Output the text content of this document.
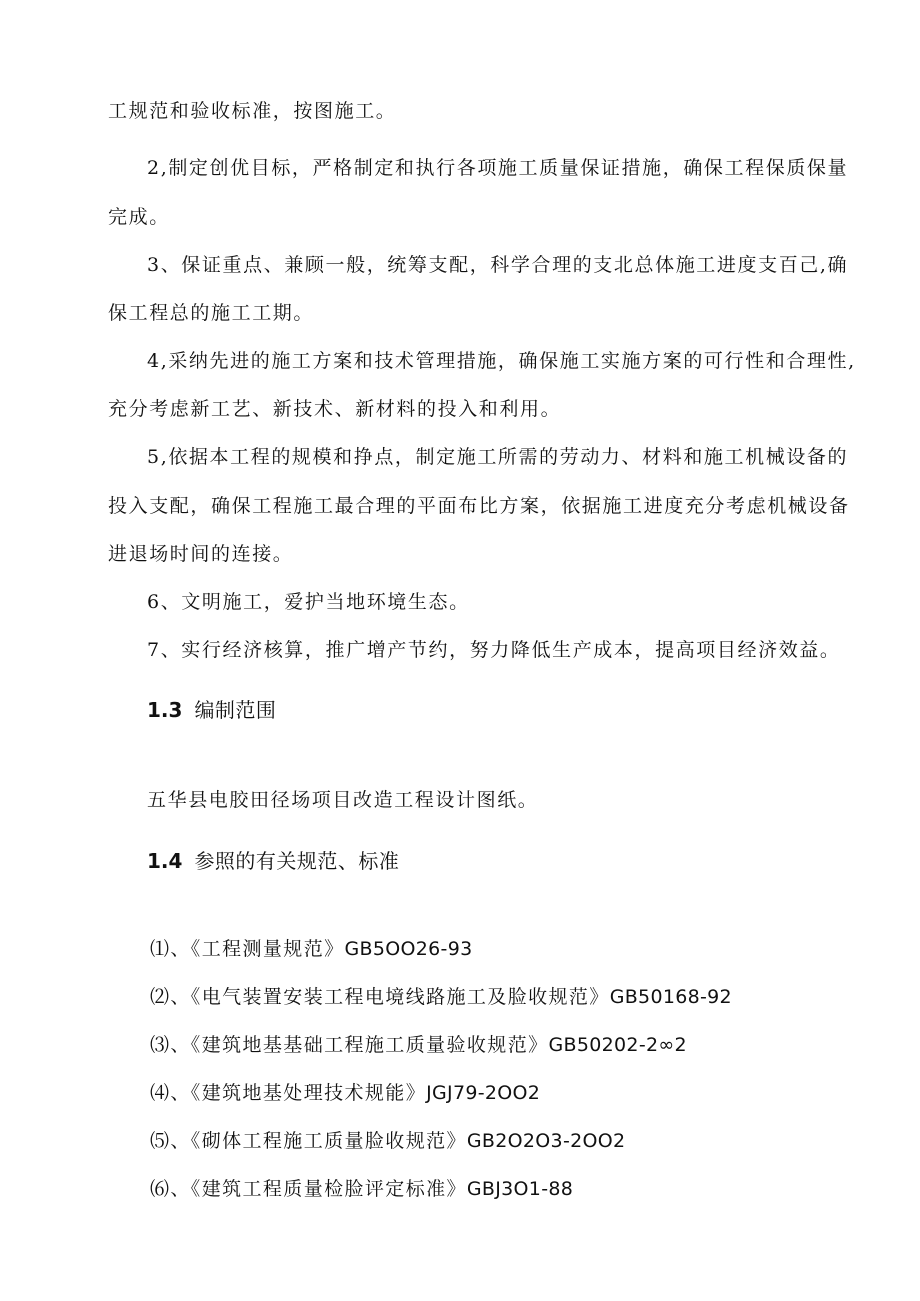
工规范和验收标准，按图施工。
2,制定创优目标，严格制定和执行各项施工质量保证措施，确保工程保质保量
完成。
3、保证重点、兼顾一般，统筹支配，科学合理的支北总体施工进度支百己,确
保工程总的施工工期。
4,采纳先进的施工方案和技术管理措施，确保施工实施方案的可行性和合理性,
充分考虑新工艺、新技术、新材料的投入和利用。
5,依据本工程的规模和挣点，制定施工所需的劳动力、材料和施工机械设备的
投入支配，确保工程施工最合理的平面布比方案，依据施工进度充分考虑机械设备
进退场时间的连接。
6、文明施工，爱护当地环境生态。
7、实行经济核算，推广增产节约，努力降低生产成本，提高项目经济效益。
1.3 编制范围
五华县电胶田径场项目改造工程设计图纸。
1.4 参照的有关规范、标准
⑴、《工程测量规范》GB5OO26-93
⑵、《电气装置安装工程电境线路施工及脸收规范》GB50168-92
⑶、《建筑地基基础工程施工质量验收规范》GB50202-2∞2
⑷、《建筑地基处理技术规能》JGJ79-2OO2
⑸、《砌体工程施工质量脸收规范》GB2O2O3-2OO2
⑹、《建筑工程质量检脸评定标准》GBJ3O1-88
